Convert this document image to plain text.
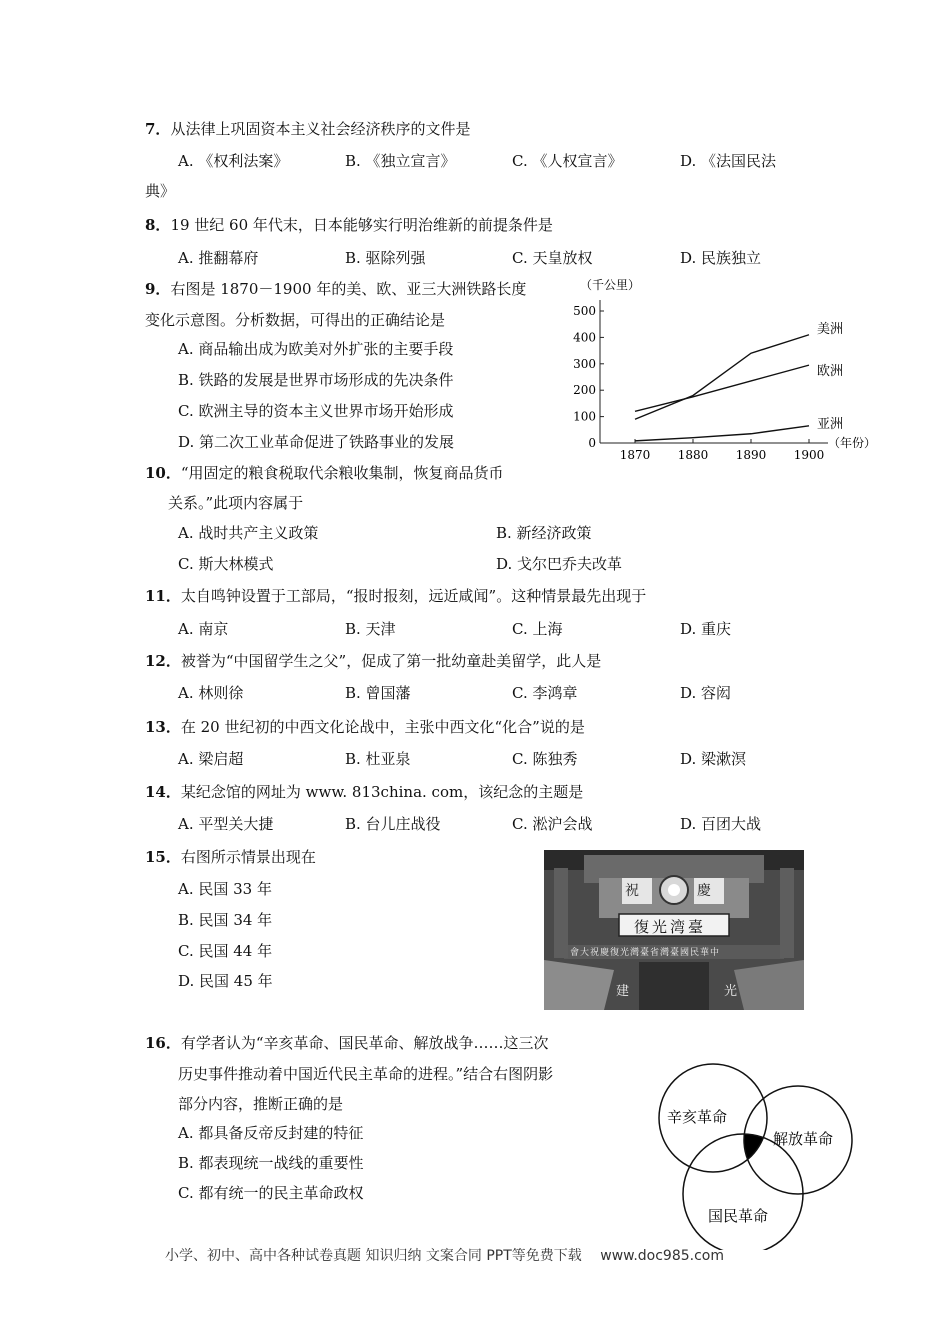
7．从法律上巩固资本主义社会经济秩序的文件是
A. 《权利法案》	B. 《独立宣言》	C. 《人权宣言》	D. 《法国民法
典》
8．19 世纪 60 年代末，日本能够实行明治维新的前提条件是
A. 推翻幕府	B. 驱除列强	C. 天皇放权	D. 民族独立
9．右图是 1870－1900 年的美、欧、亚三大洲铁路长度
变化示意图。分析数据，可得出的正确结论是
A. 商品输出成为欧美对外扩张的主要手段
B. 铁路的发展是世界市场形成的先决条件
C. 欧洲主导的资本主义世界市场开始形成
D. 第二次工业革命促进了铁路事业的发展
（千公里）
0
100
200
300
400
500
1870 1880 1890 1900
美洲
欧洲
亚洲
（年份）
10．“用固定的粮食税取代余粮收集制，恢复商品货币
关系。”此项内容属于
A. 战时共产主义政策	B. 新经济政策
C. 斯大林模式	D. 戈尔巴乔夫改革
11．太自鸣钟设置于工部局，“报时报刻，远近咸闻”。这种情景最先出现于
A. 南京	B. 天津	C. 上海	D. 重庆
12．被誉为“中国留学生之父”，促成了第一批幼童赴美留学，此人是
A. 林则徐	B. 曾国藩	C. 李鸿章	D. 容闳
13．在 20 世纪初的中西文化论战中，主张中西文化“化合”说的是
A. 梁启超	B. 杜亚泉	C. 陈独秀	D. 梁漱溟
14．某纪念馆的网址为 www. 813china. com，该纪念的主题是
A. 平型关大捷	B. 台儿庄战役	C. 淞沪会战	D. 百团大战
15．右图所示情景出现在
A. 民国 33 年
B. 民国 34 年
C. 民国 44 年
D. 民国 45 年
祝	慶
復光湾臺
會大祝慶復光灣臺省灣臺國民華中
建	光
16．有学者认为“辛亥革命、国民革命、解放战争……这三次
历史事件推动着中国近代民主革命的进程。”结合右图阴影
部分内容，推断正确的是
A. 都具备反帝反封建的特征
B. 都表现统一战线的重要性
C. 都有统一的民主革命政权
辛亥革命
解放革命
国民革命
小学、初中、高中各种试卷真题 知识归纳 文案合同 PPT等免费下载 www.doc985.com
